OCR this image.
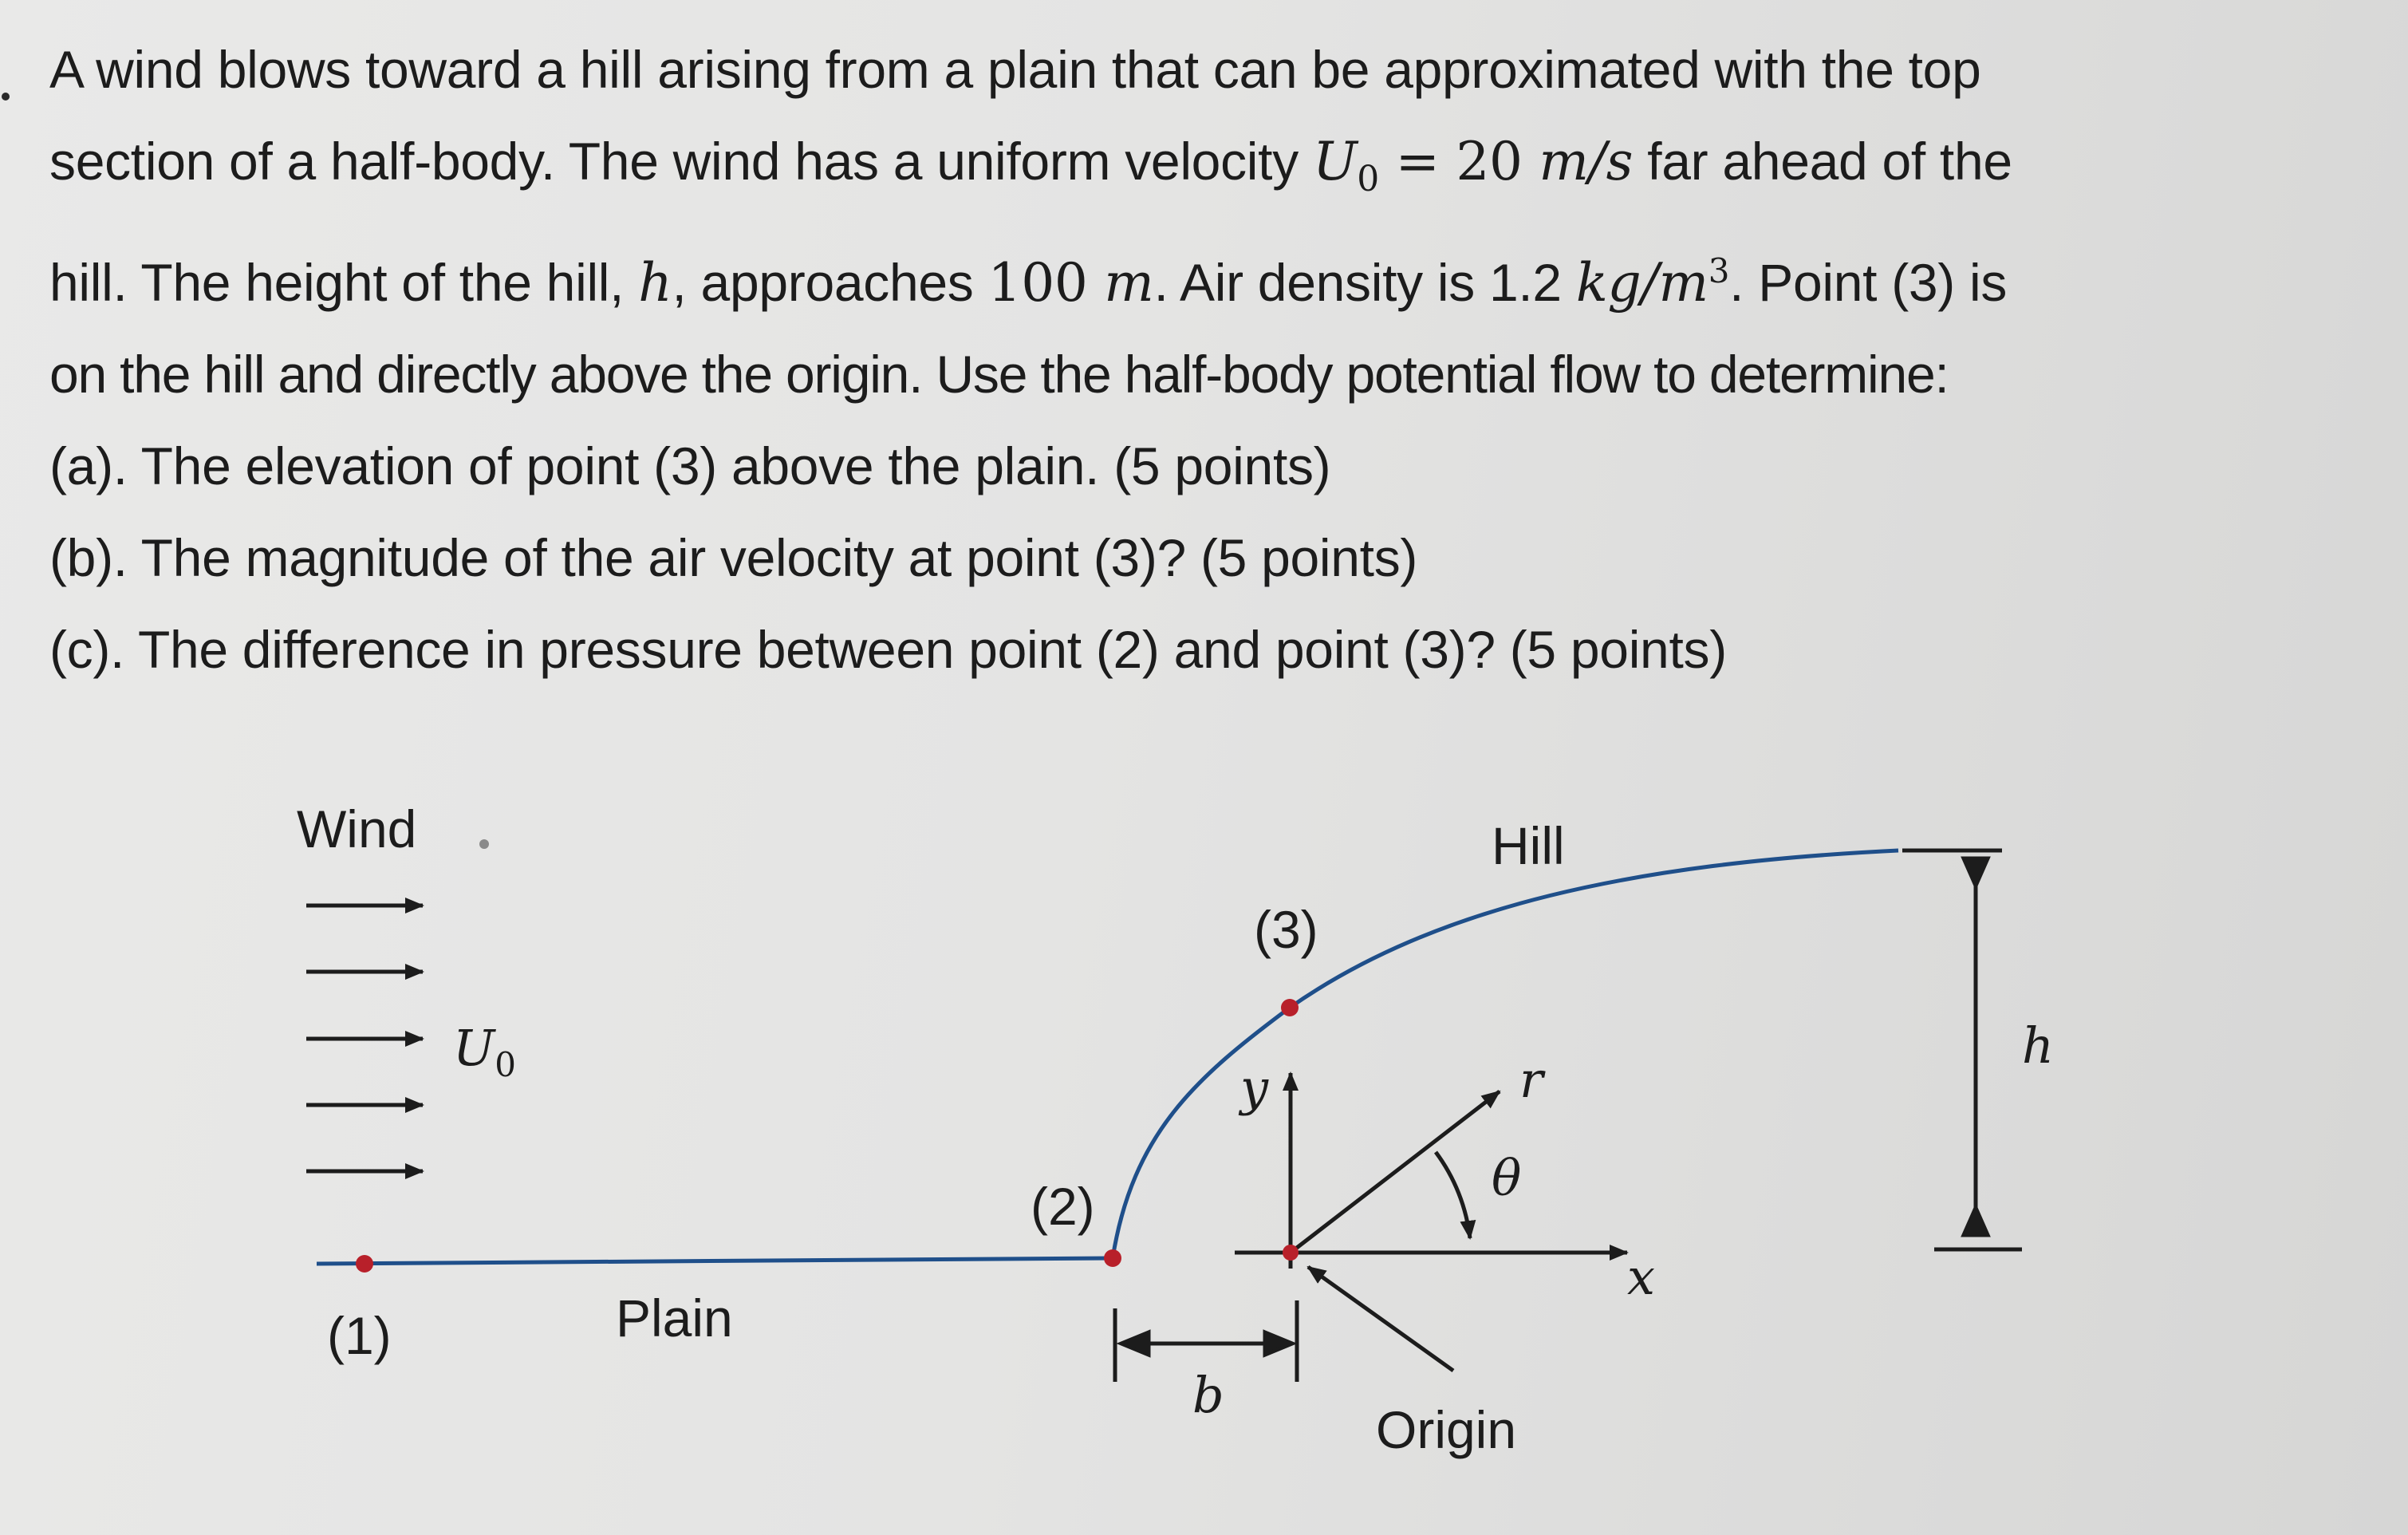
A wind blows toward a hill arising from a plain that can be approximated with the top
section of a half-body. The wind has a uniform velocity $U_0 = 20$ m/s far ahead of the
hill. The height of the hill, h, approaches 100 m. Air density is 1.2 $kg/m^3$. Point (3) is
on the hill and directly above the origin. Use the half-body potential flow to determine:
(a). The elevation of point (3) above the plain. (5 points)
(b). The magnitude of the air velocity at point (3)? (5 points)
(c). The difference in pressure between point (2) and point (3)? (5 points)
Wind
$U_0$
(1)	Plain
(2)
(3)
Hill
h
x
y	r
θ
Origin
b
